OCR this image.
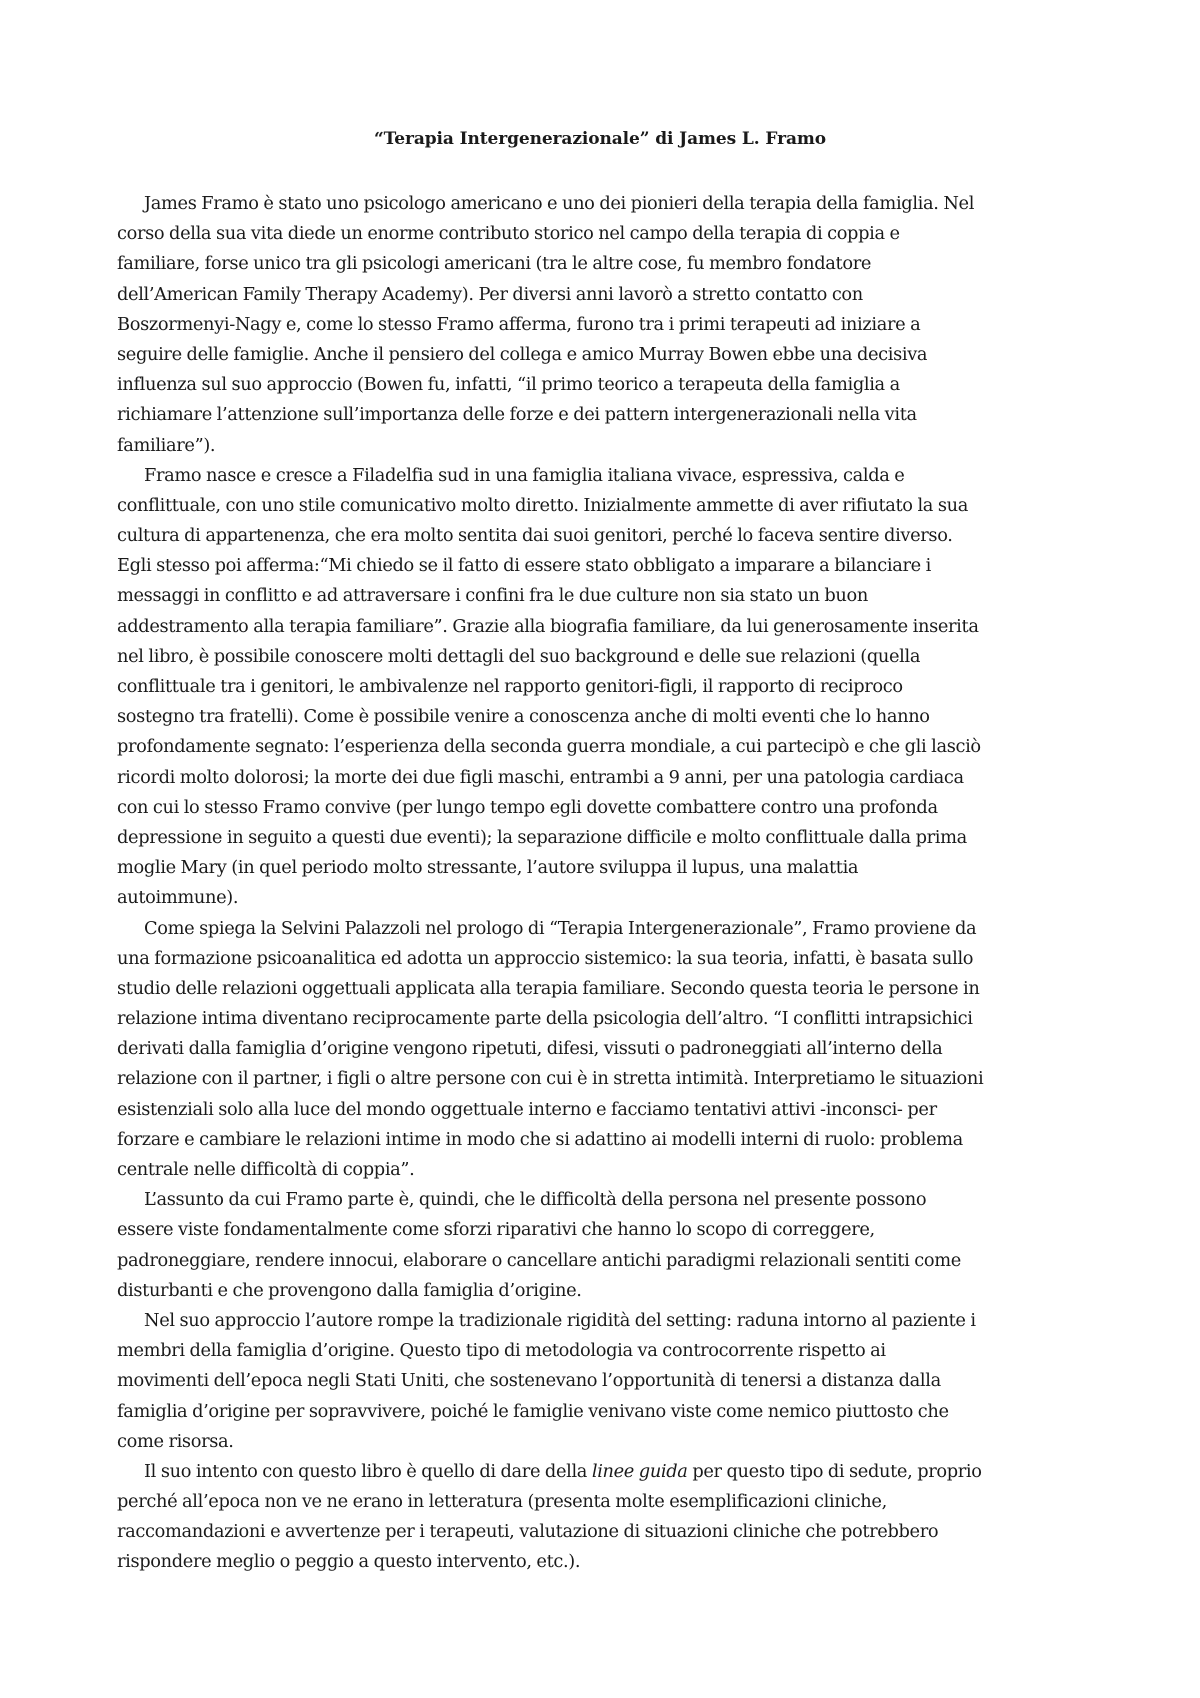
“Terapia Intergenerazionale” di James L. Framo

James Framo è stato uno psicologo americano e uno dei pionieri della terapia della famiglia. Nel
corso della sua vita diede un enorme contributo storico nel campo della terapia di coppia e
familiare, forse unico tra gli psicologi americani (tra le altre cose, fu membro fondatore
dell’American Family Therapy Academy). Per diversi anni lavorò a stretto contatto con
Boszormenyi-Nagy e, come lo stesso Framo afferma, furono tra i primi terapeuti ad iniziare a
seguire delle famiglie. Anche il pensiero del collega e amico Murray Bowen ebbe una decisiva
influenza sul suo approccio (Bowen fu, infatti, “il primo teorico a terapeuta della famiglia a
richiamare l’attenzione sull’importanza delle forze e dei pattern intergenerazionali nella vita
familiare”).

Framo nasce e cresce a Filadelfia sud in una famiglia italiana vivace, espressiva, calda e
conflittuale, con uno stile comunicativo molto diretto. Inizialmente ammette di aver rifiutato la sua
cultura di appartenenza, che era molto sentita dai suoi genitori, perché lo faceva sentire diverso.
Egli stesso poi afferma:“Mi chiedo se il fatto di essere stato obbligato a imparare a bilanciare i
messaggi in conflitto e ad attraversare i confini fra le due culture non sia stato un buon
addestramento alla terapia familiare”. Grazie alla biografia familiare, da lui generosamente inserita
nel libro, è possibile conoscere molti dettagli del suo background e delle sue relazioni (quella
conflittuale tra i genitori, le ambivalenze nel rapporto genitori-figli, il rapporto di reciproco
sostegno tra fratelli). Come è possibile venire a conoscenza anche di molti eventi che lo hanno
profondamente segnato: l’esperienza della seconda guerra mondiale, a cui partecipò e che gli lasciò
ricordi molto dolorosi; la morte dei due figli maschi, entrambi a 9 anni, per una patologia cardiaca
con cui lo stesso Framo convive (per lungo tempo egli dovette combattere contro una profonda
depressione in seguito a questi due eventi); la separazione difficile e molto conflittuale dalla prima
moglie Mary (in quel periodo molto stressante, l’autore sviluppa il lupus, una malattia
autoimmune).

Come spiega la Selvini Palazzoli nel prologo di “Terapia Intergenerazionale”, Framo proviene da
una formazione psicoanalitica ed adotta un approccio sistemico: la sua teoria, infatti, è basata sullo
studio delle relazioni oggettuali applicata alla terapia familiare. Secondo questa teoria le persone in
relazione intima diventano reciprocamente parte della psicologia dell’altro. “I conflitti intrapsichici
derivati dalla famiglia d’origine vengono ripetuti, difesi, vissuti o padroneggiati all’interno della
relazione con il partner, i figli o altre persone con cui è in stretta intimità. Interpretiamo le situazioni
esistenziali solo alla luce del mondo oggettuale interno e facciamo tentativi attivi -inconsci- per
forzare e cambiare le relazioni intime in modo che si adattino ai modelli interni di ruolo: problema
centrale nelle difficoltà di coppia”.

L’assunto da cui Framo parte è, quindi, che le difficoltà della persona nel presente possono
essere viste fondamentalmente come sforzi riparativi che hanno lo scopo di correggere,
padroneggiare, rendere innocui, elaborare o cancellare antichi paradigmi relazionali sentiti come
disturbanti e che provengono dalla famiglia d’origine.

Nel suo approccio l’autore rompe la tradizionale rigidità del setting: raduna intorno al paziente i
membri della famiglia d’origine. Questo tipo di metodologia va controcorrente rispetto ai
movimenti dell’epoca negli Stati Uniti, che sostenevano l’opportunità di tenersi a distanza dalla
famiglia d’origine per sopravvivere, poiché le famiglie venivano viste come nemico piuttosto che
come risorsa.

Il suo intento con questo libro è quello di dare della linee guida per questo tipo di sedute, proprio
perché all’epoca non ve ne erano in letteratura (presenta molte esemplificazioni cliniche,
raccomandazioni e avvertenze per i terapeuti, valutazione di situazioni cliniche che potrebbero
rispondere meglio o peggio a questo intervento, etc.).
